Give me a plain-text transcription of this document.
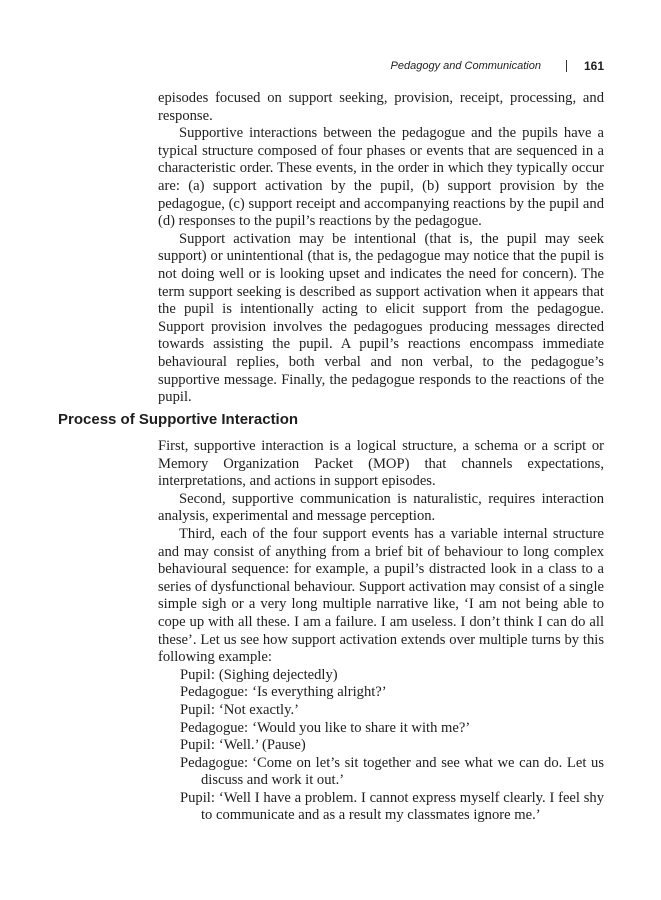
Pedagogy and Communication	161

episodes focused on support seeking, provision, receipt, processing, and response.

Supportive interactions between the pedagogue and the pupils have a typical structure composed of four phases or events that are sequenced in a characteristic order. These events, in the order in which they typically occur are: (a) support activation by the pupil, (b) support provision by the pedagogue, (c) support receipt and accompanying reactions by the pupil and (d) responses to the pupil’s reactions by the pedagogue.

Support activation may be intentional (that is, the pupil may seek support) or unintentional (that is, the pedagogue may notice that the pupil is not doing well or is looking upset and indicates the need for concern). The term support seeking is described as support activation when it appears that the pupil is intentionally acting to elicit support from the pedagogue. Support provision involves the pedagogues producing messages directed towards assisting the pupil. A pupil’s reactions encompass immediate behavioural replies, both verbal and non verbal, to the pedagogue’s supportive message. Finally, the pedagogue responds to the reactions of the pupil.

Process of Supportive Interaction

First, supportive interaction is a logical structure, a schema or a script or Memory Organization Packet (MOP) that channels expectations, interpretations, and actions in support episodes.

Second, supportive communication is naturalistic, requires interaction analysis, experimental and message perception.

Third, each of the four support events has a variable internal structure and may consist of anything from a brief bit of behaviour to long complex behavioural sequence: for example, a pupil’s distracted look in a class to a series of dysfunctional behaviour. Support activation may consist of a single simple sigh or a very long multiple narrative like, ‘I am not being able to cope up with all these. I am a failure. I am useless. I don’t think I can do all these’. Let us see how support activation extends over multiple turns by this following example:

Pupil: (Sighing dejectedly)

Pedagogue: ‘Is everything alright?’

Pupil: ‘Not exactly.’

Pedagogue: ‘Would you like to share it with me?’

Pupil: ‘Well.’ (Pause)

Pedagogue: ‘Come on let’s sit together and see what we can do. Let us discuss and work it out.’

Pupil: ‘Well I have a problem. I cannot express myself clearly. I feel shy to communicate and as a result my classmates ignore me.’
